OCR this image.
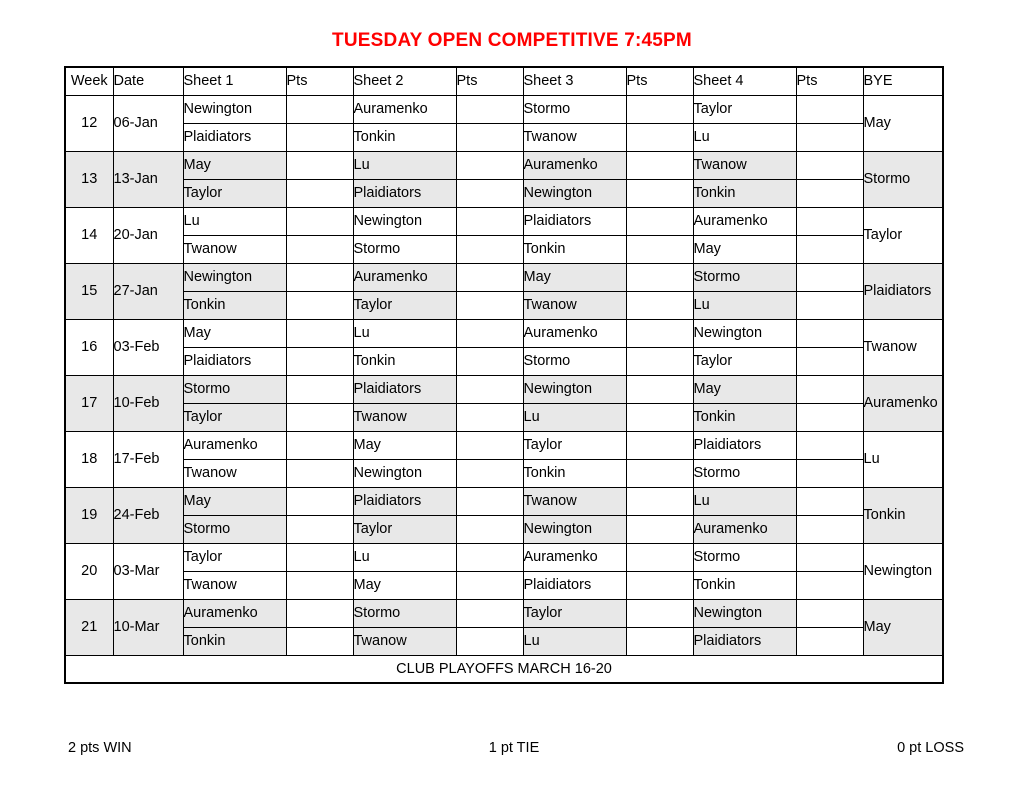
TUESDAY OPEN COMPETITIVE 7:45PM
Week	Date	Sheet 1	Pts	Sheet 2	Pts	Sheet 3	Pts	Sheet 4	Pts	BYE
12	06-Jan	Newington		Auramenko		Stormo		Taylor		May
		Plaidiators		Tonkin		Twanow		Lu		
13	13-Jan	May		Lu		Auramenko		Twanow		Stormo
		Taylor		Plaidiators		Newington		Tonkin		
14	20-Jan	Lu		Newington		Plaidiators		Auramenko		Taylor
		Twanow		Stormo		Tonkin		May		
15	27-Jan	Newington		Auramenko		May		Stormo		Plaidiators
		Tonkin		Taylor		Twanow		Lu		
16	03-Feb	May		Lu		Auramenko		Newington		Twanow
		Plaidiators		Tonkin		Stormo		Taylor		
17	10-Feb	Stormo		Plaidiators		Newington		May		Auramenko
		Taylor		Twanow		Lu		Tonkin		
18	17-Feb	Auramenko		May		Taylor		Plaidiators		Lu
		Twanow		Newington		Tonkin		Stormo		
19	24-Feb	May		Plaidiators		Twanow		Lu		Tonkin
		Stormo		Taylor		Newington		Auramenko		
20	03-Mar	Taylor		Lu		Auramenko		Stormo		Newington
		Twanow		May		Plaidiators		Tonkin		
21	10-Mar	Auramenko		Stormo		Taylor		Newington		May
		Tonkin		Twanow		Lu		Plaidiators		
CLUB PLAYOFFS MARCH 16-20										
2 pts WIN	1 pt TIE	0 pt LOSS
